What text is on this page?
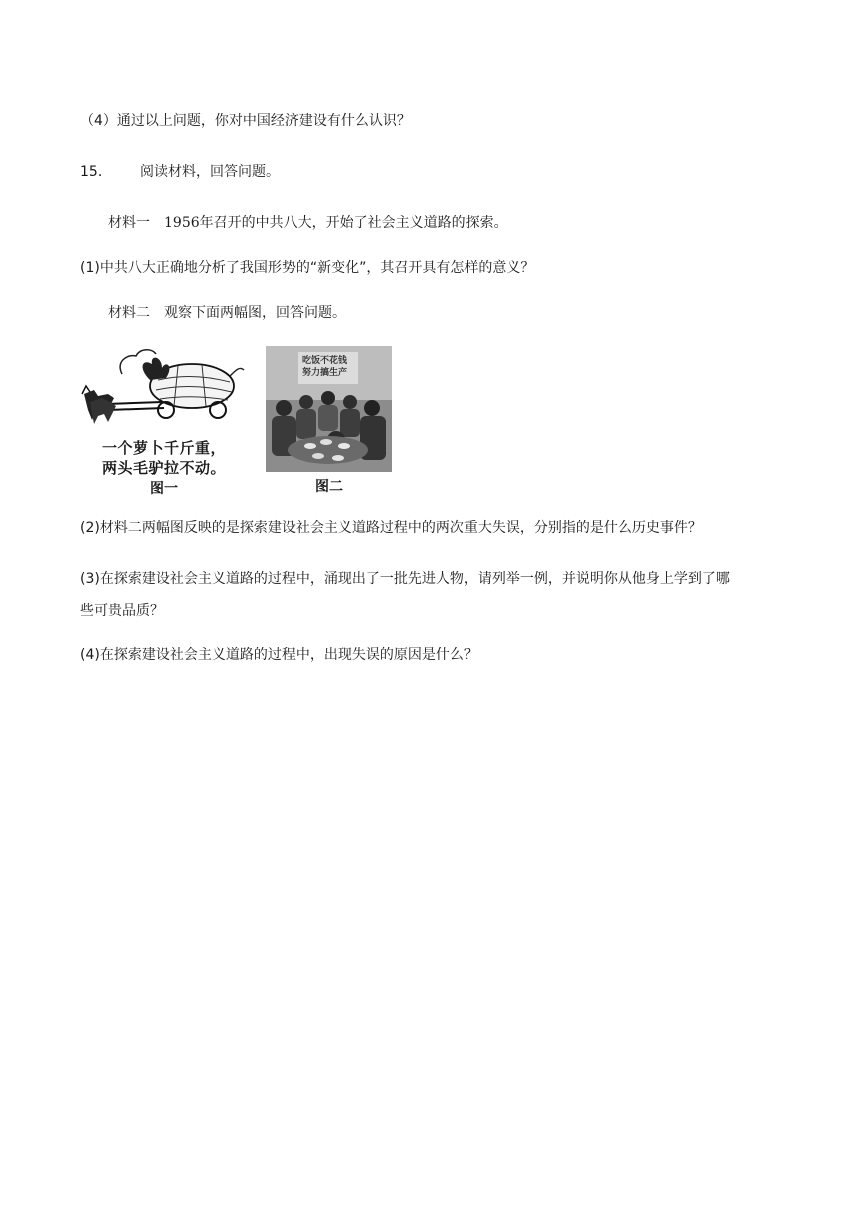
（4）通过以上问题，你对中国经济建设有什么认识？
15． 阅读材料，回答问题。
材料一　1956年召开的中共八大，开始了社会主义道路的探索。
(1)中共八大正确地分析了我国形势的“新变化”，其召开具有怎样的意义？
材料二　观察下面两幅图，回答问题。
一个萝卜千斤重，
两头毛驴拉不动。
图一
吃饭不花钱
努力搞生产
图二
(2)材料二两幅图反映的是探索建设社会主义道路过程中的两次重大失误，分别指的是什么历史事件？
(3)在探索建设社会主义道路的过程中，涌现出了一批先进人物，请列举一例，并说明你从他身上学到了哪
些可贵品质？
(4)在探索建设社会主义道路的过程中，出现失误的原因是什么？
